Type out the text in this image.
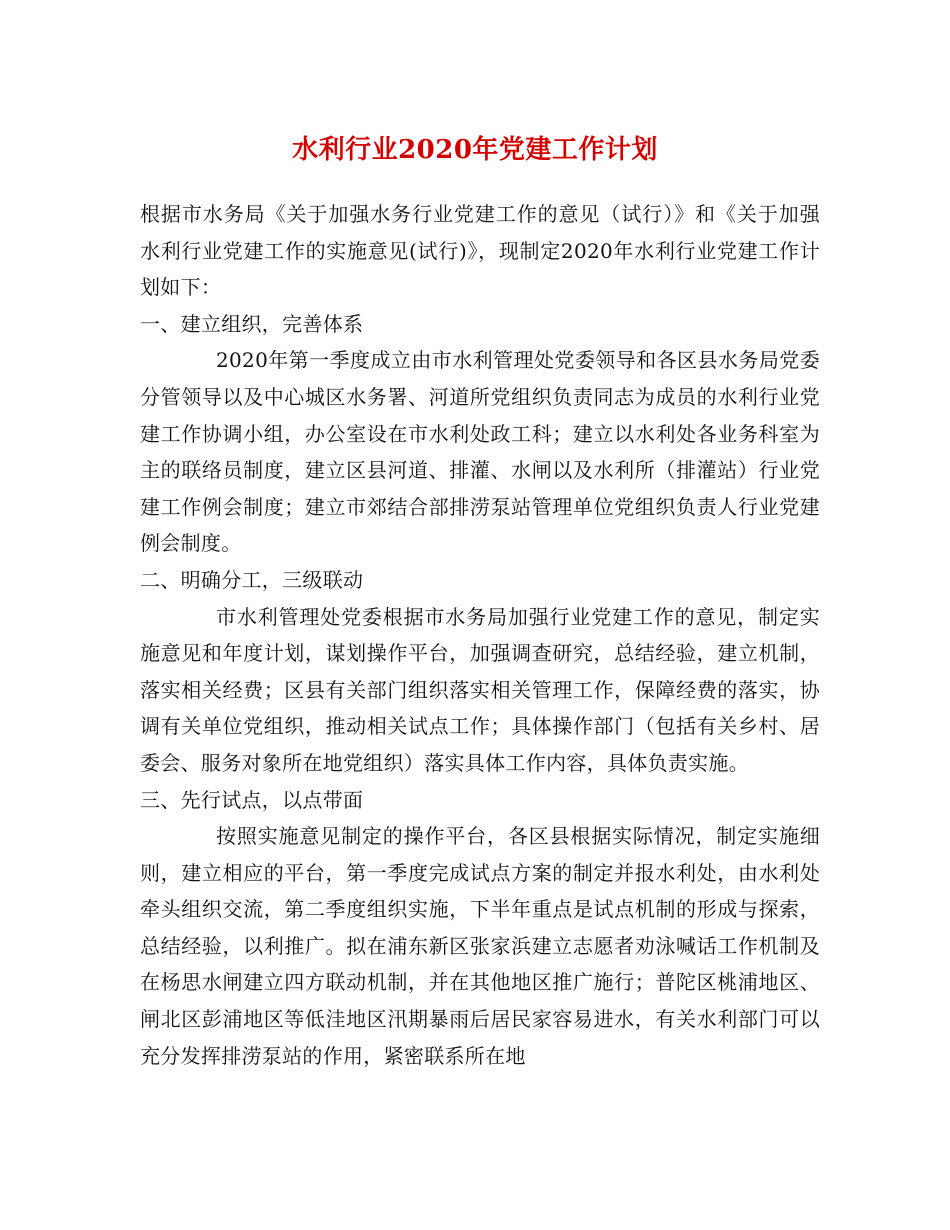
水利行业2020年党建工作计划

根据市水务局《关于加强水务行业党建工作的意见（试行）》和《关于加强水利行业党建工作的实施意见(试行)》，现制定2020年水利行业党建工作计划如下：

一、建立组织，完善体系

2020年第一季度成立由市水利管理处党委领导和各区县水务局党委分管领导以及中心城区水务署、河道所党组织负责同志为成员的水利行业党建工作协调小组，办公室设在市水利处政工科；建立以水利处各业务科室为主的联络员制度，建立区县河道、排灌、水闸以及水利所（排灌站）行业党建工作例会制度；建立市郊结合部排涝泵站管理单位党组织负责人行业党建例会制度。

二、明确分工，三级联动

市水利管理处党委根据市水务局加强行业党建工作的意见，制定实施意见和年度计划，谋划操作平台，加强调查研究，总结经验，建立机制，落实相关经费；区县有关部门组织落实相关管理工作，保障经费的落实，协调有关单位党组织，推动相关试点工作；具体操作部门（包括有关乡村、居委会、服务对象所在地党组织）落实具体工作内容，具体负责实施。

三、先行试点，以点带面

按照实施意见制定的操作平台，各区县根据实际情况，制定实施细则，建立相应的平台，第一季度完成试点方案的制定并报水利处，由水利处牵头组织交流，第二季度组织实施，下半年重点是试点机制的形成与探索，总结经验，以利推广。拟在浦东新区张家浜建立志愿者劝泳喊话工作机制及在杨思水闸建立四方联动机制，并在其他地区推广施行；普陀区桃浦地区、闸北区彭浦地区等低洼地区汛期暴雨后居民家容易进水，有关水利部门可以充分发挥排涝泵站的作用，紧密联系所在地
